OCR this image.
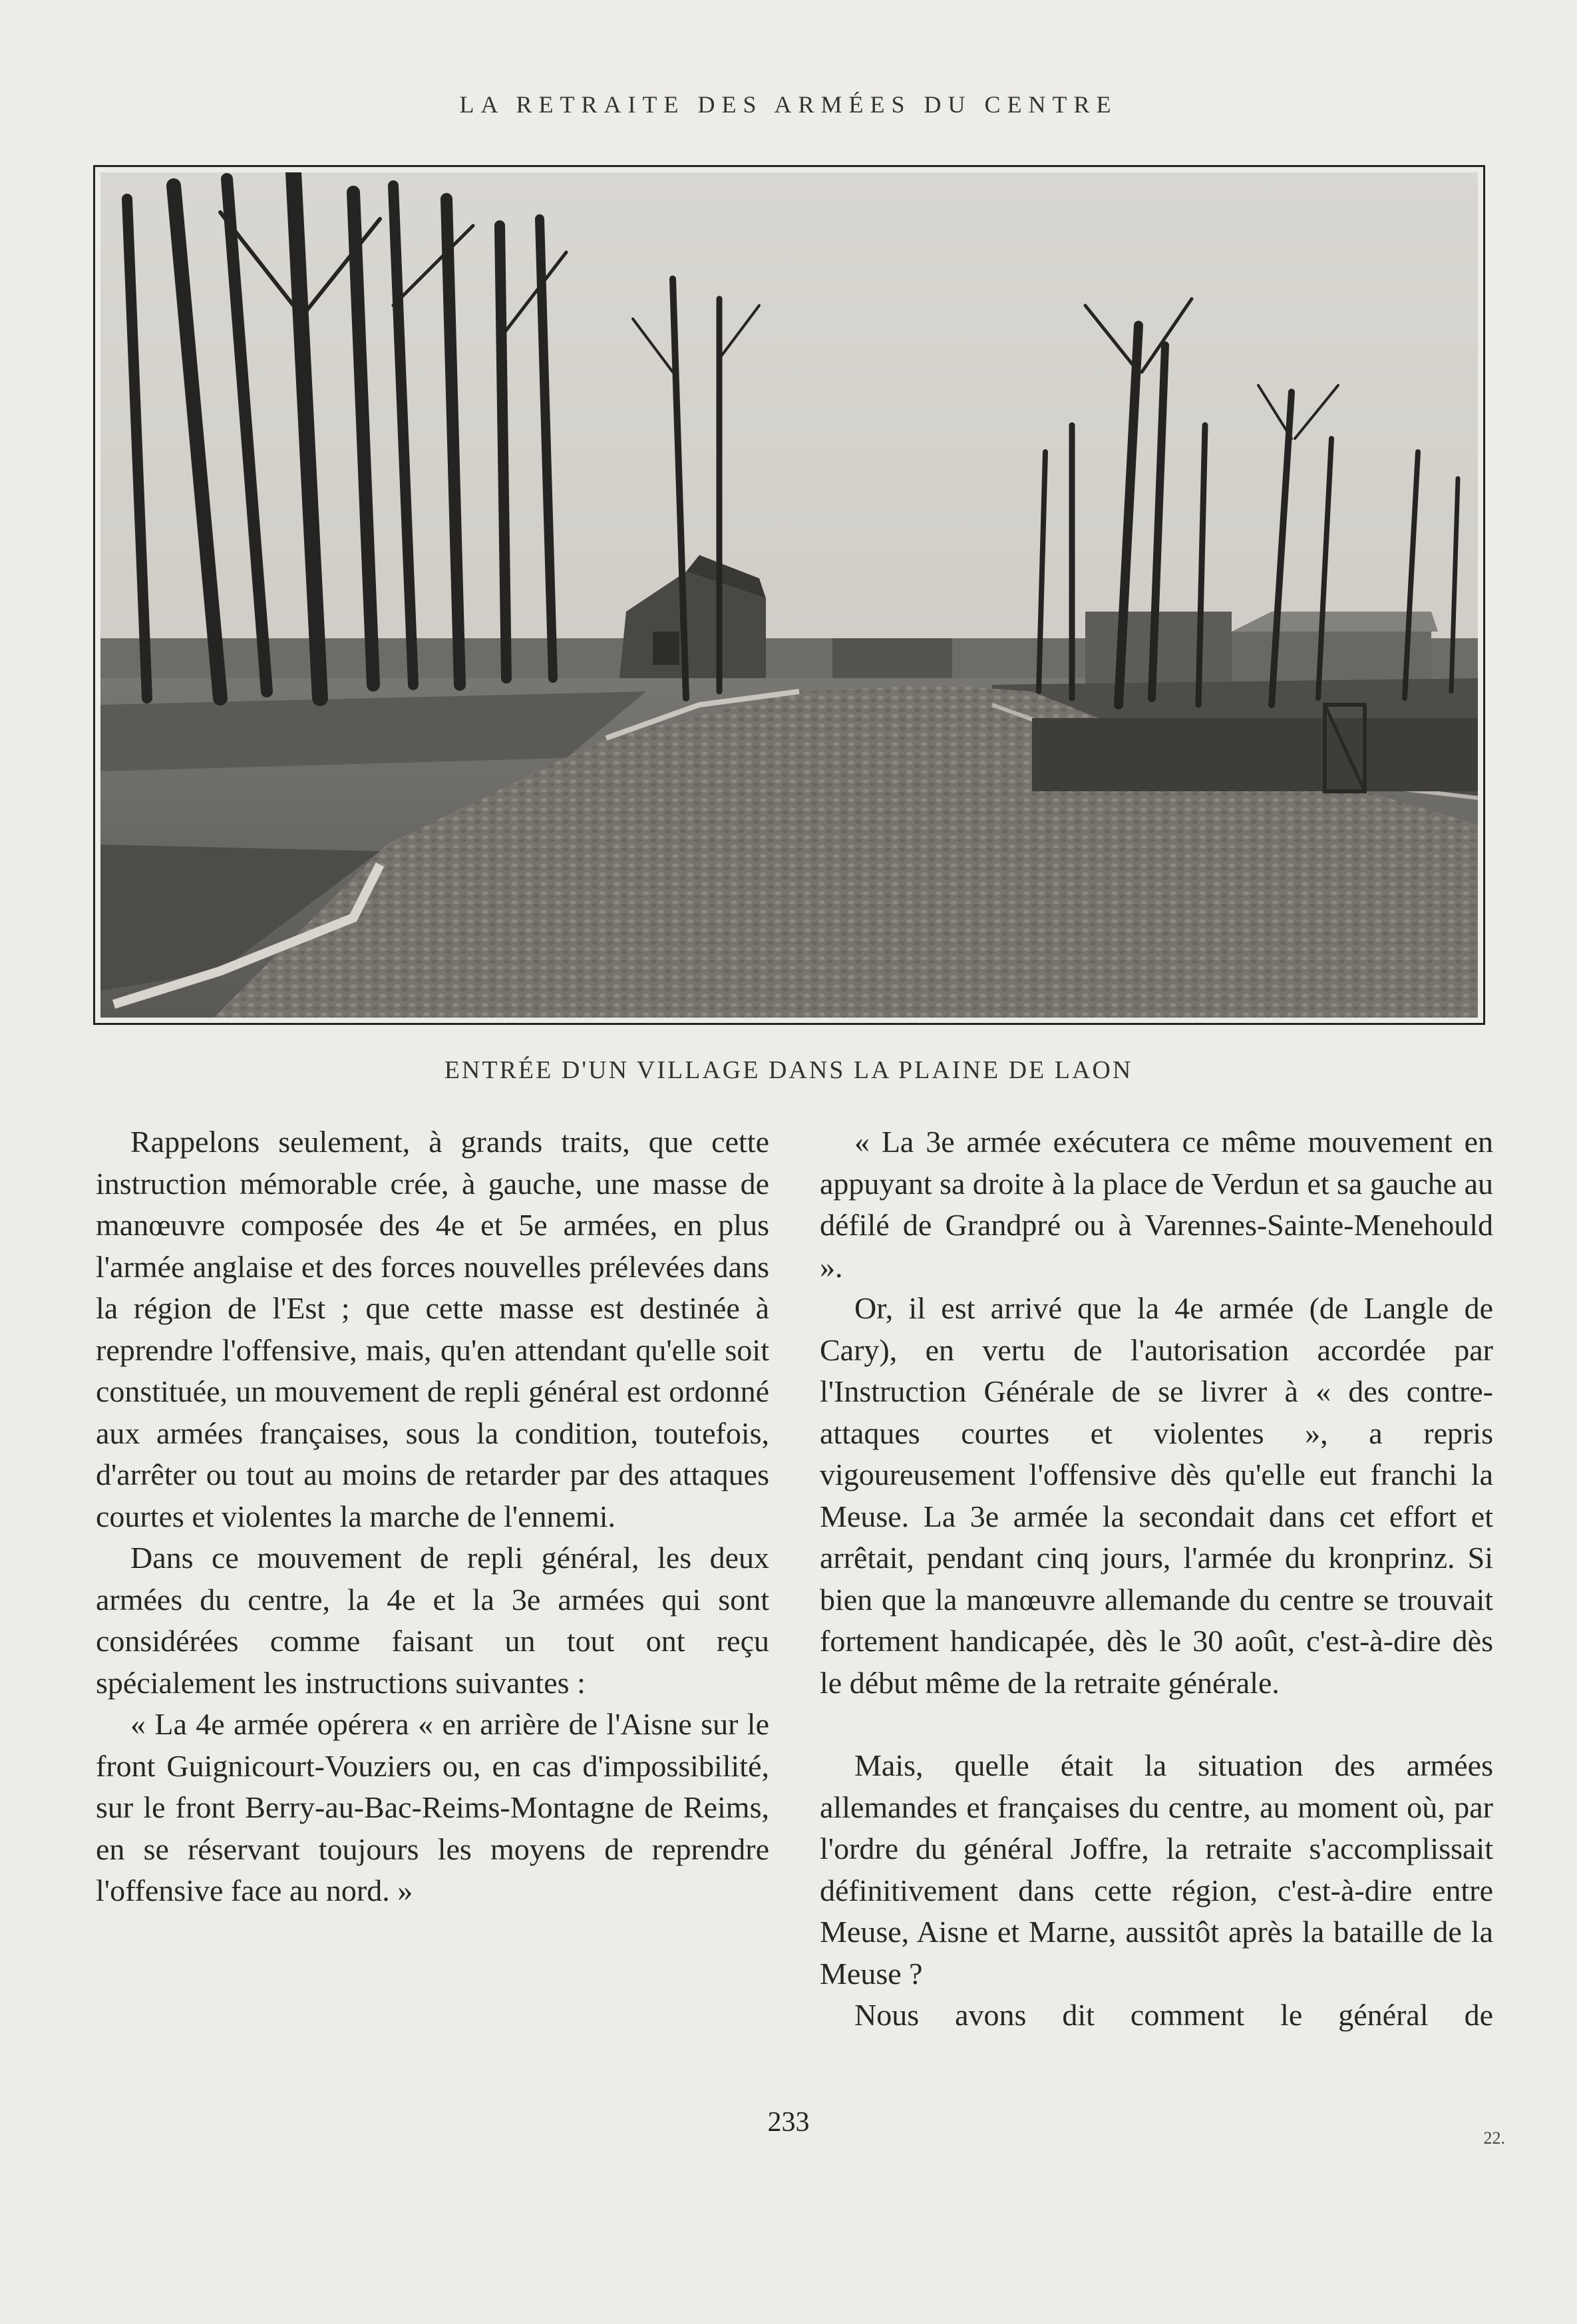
LA RETRAITE DES ARMÉES DU CENTRE
ENTRÉE D'UN VILLAGE DANS LA PLAINE DE LAON

Rappelons seulement, à grands traits, que cette instruction mémorable crée, à gauche, une masse de manœuvre composée des 4e et 5e armées, en plus l'armée anglaise et des forces nouvelles prélevées dans la région de l'Est ; que cette masse est destinée à reprendre l'offensive, mais, qu'en attendant qu'elle soit constituée, un mouvement de repli général est ordonné aux armées françaises, sous la condition, toutefois, d'arrêter ou tout au moins de retarder par des attaques courtes et violentes la marche de l'ennemi.

Dans ce mouvement de repli général, les deux armées du centre, la 4e et la 3e armées qui sont considérées comme faisant un tout ont reçu spécialement les instructions suivantes :

« La 4e armée opérera « en arrière de l'Aisne sur le front Guignicourt-Vouziers ou, en cas d'impossibilité, sur le front Berry-au-Bac-Reims-Montagne de Reims, en se réservant toujours les moyens de reprendre l'offensive face au nord. »

« La 3e armée exécutera ce même mouvement en appuyant sa droite à la place de Verdun et sa gauche au défilé de Grandpré ou à Varennes-Sainte-Menehould ».

Or, il est arrivé que la 4e armée (de Langle de Cary), en vertu de l'autorisation accordée par l'Instruction Générale de se livrer à « des contre-attaques courtes et violentes », a repris vigoureusement l'offensive dès qu'elle eut franchi la Meuse. La 3e armée la secondait dans cet effort et arrêtait, pendant cinq jours, l'armée du kronprinz. Si bien que la manœuvre allemande du centre se trouvait fortement handicapée, dès le 30 août, c'est-à-dire dès le début même de la retraite générale.

Mais, quelle était la situation des armées allemandes et françaises du centre, au moment où, par l'ordre du général Joffre, la retraite s'accomplissait définitivement dans cette région, c'est-à-dire entre Meuse, Aisne et Marne, aussitôt après la bataille de la Meuse ?

Nous avons dit comment le général de

233
22.
